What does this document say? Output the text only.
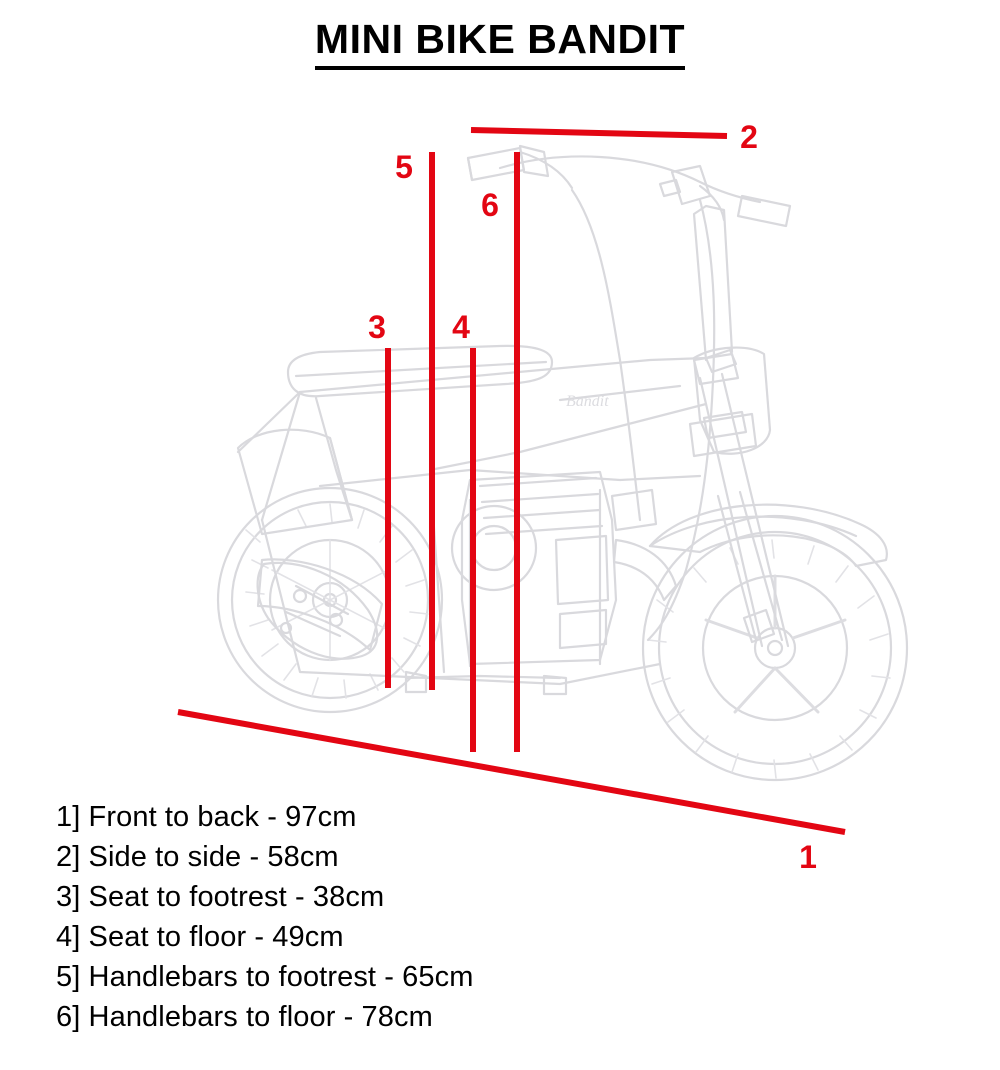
MINI BIKE BANDIT
Bandit
1
2
3 4
5
6
1] Front to back - 97cm
2] Side to side - 58cm
3] Seat to footrest - 38cm
4] Seat to floor - 49cm
5] Handlebars to footrest - 65cm
6] Handlebars to floor - 78cm
